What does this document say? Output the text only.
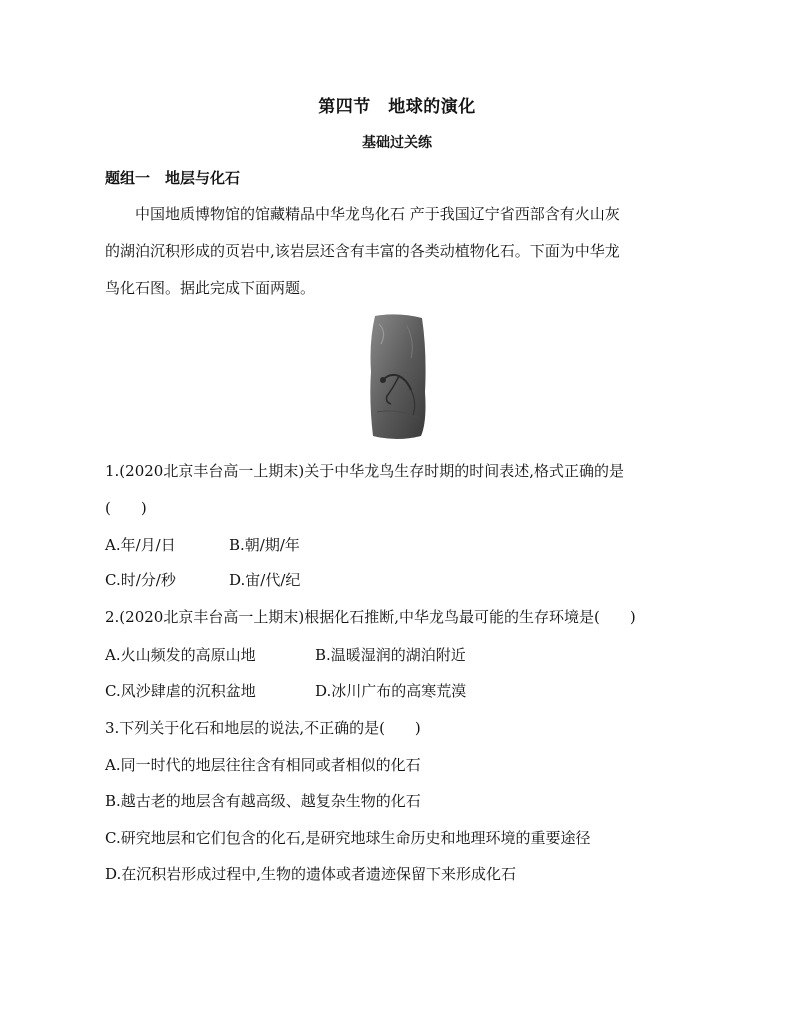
第四节　地球的演化
基础过关练
题组一　地层与化石

　　中国地质博物馆的馆藏精品中华龙鸟化石 产于我国辽宁省西部含有火山灰

的湖泊沉积形成的页岩中,该岩层还含有丰富的各类动植物化石。下面为中华龙

鸟化石图。据此完成下面两题。

1.(2020北京丰台高一上期末)关于中华龙鸟生存时期的时间表述,格式正确的是
(　　)
A.年/月/日	B.朝/期/年
C.时/分/秒	D.宙/代/纪
2.(2020北京丰台高一上期末)根据化石推断,中华龙鸟最可能的生存环境是(　　)
A.火山频发的高原山地	B.温暖湿润的湖泊附近
C.风沙肆虐的沉积盆地	D.冰川广布的高寒荒漠
3.下列关于化石和地层的说法,不正确的是(　　)
A.同一时代的地层往往含有相同或者相似的化石
B.越古老的地层含有越高级、越复杂生物的化石
C.研究地层和它们包含的化石,是研究地球生命历史和地理环境的重要途径
D.在沉积岩形成过程中,生物的遗体或者遗迹保留下来形成化石
